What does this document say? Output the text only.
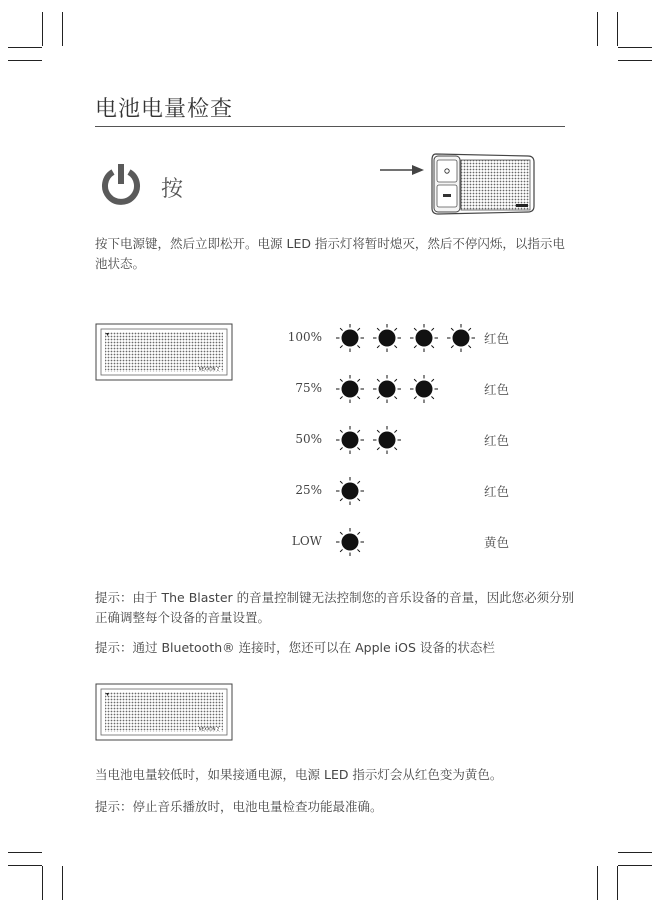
电池电量检查
按
按下电源键，然后立即松开。电源 LED 指示灯将暂时熄灭，然后不停闪烁，以指示电池状态。
NEXXON 2
100%	红色
75%	红色
50%	红色
25%	红色
LOW	黄色
提示：由于 The Blaster 的音量控制键无法控制您的音乐设备的音量，因此您必须分别正确调整每个设备的音量设置。
提示：通过 Bluetooth® 连接时，您还可以在 Apple iOS 设备的状态栏
NEXXON 2
当电池电量较低时，如果接通电源，电源 LED 指示灯会从红色变为黄色。
提示：停止音乐播放时，电池电量检查功能最准确。
